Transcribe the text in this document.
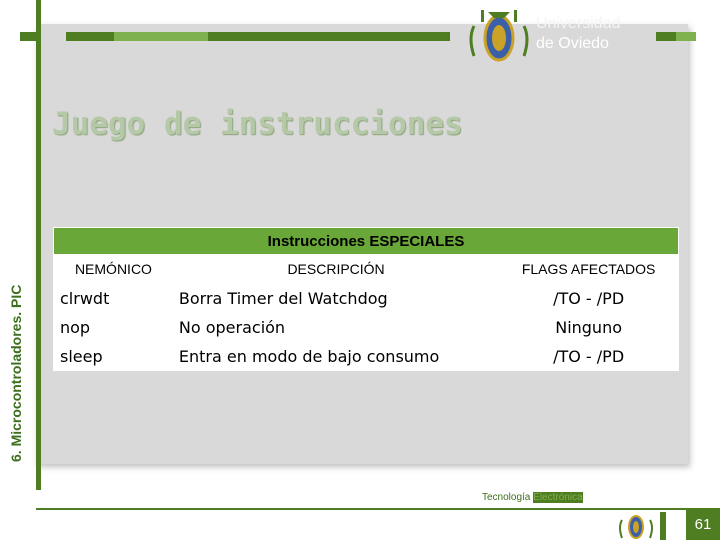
6. Microcontroladores. PIC
Universidad
de Oviedo
Juego de instrucciones
Instrucciones ESPECIALES		
NEMÓNICO	DESCRIPCIÓN	FLAGS AFECTADOS
clrwdt	Borra Timer del Watchdog	/TO - /PD
nop	No operación	Ninguno
sleep	Entra en modo de bajo consumo	/TO - /PD
Tecnología Electrónica
61
